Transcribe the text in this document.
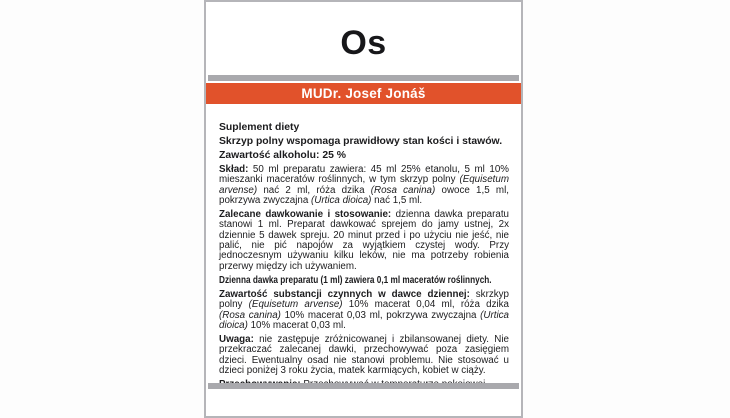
Os
MUDr. Josef Jonáš

Suplement diety

Skrzyp polny wspomaga prawidłowy stan kości i stawów.

Zawartość alkoholu: 25 %

Skład: 50 ml preparatu zawiera: 45 ml 25% etanolu, 5 ml 10% mieszanki maceratów roślinnych, w tym skrzyp polny (Equisetum arvense) nać 2 ml, róża dzika (Rosa canina) owoce 1,5 ml, pokrzywa zwyczajna (Urtica dioica) nać 1,5 ml.

Zalecane dawkowanie i stosowanie: dzienna dawka preparatu stanowi 1 ml. Preparat dawkować sprejem do jamy ustnej, 2x dziennie 5 dawek spreju. 20 minut przed i po użyciu nie jeść, nie palić, nie pić napojów za wyjątkiem czystej wody. Przy jednoczesnym używaniu kilku leków, nie ma potrzeby robienia przerwy między ich używaniem.

Dzienna dawka preparatu (1 ml) zawiera 0,1 ml maceratów roślinnych.

Zawartość substancji czynnych w dawce dziennej: skrzkyp polny (Equisetum arvense) 10% macerat 0,04 ml, róża dzika (Rosa canina) 10% macerat 0,03 ml, pokrzywa zwyczajna (Urtica dioica) 10% macerat 0,03 ml.

Uwaga: nie zastępuje zróżnicowanej i zbilansowanej diety. Nie przekraczać zalecanej dawki, przechowywać poza zasięgiem dzieci. Ewentualny osad nie stanowi problemu. Nie stosować u dzieci poniżej 3 roku życia, matek karmiących, kobiet w ciąży.
